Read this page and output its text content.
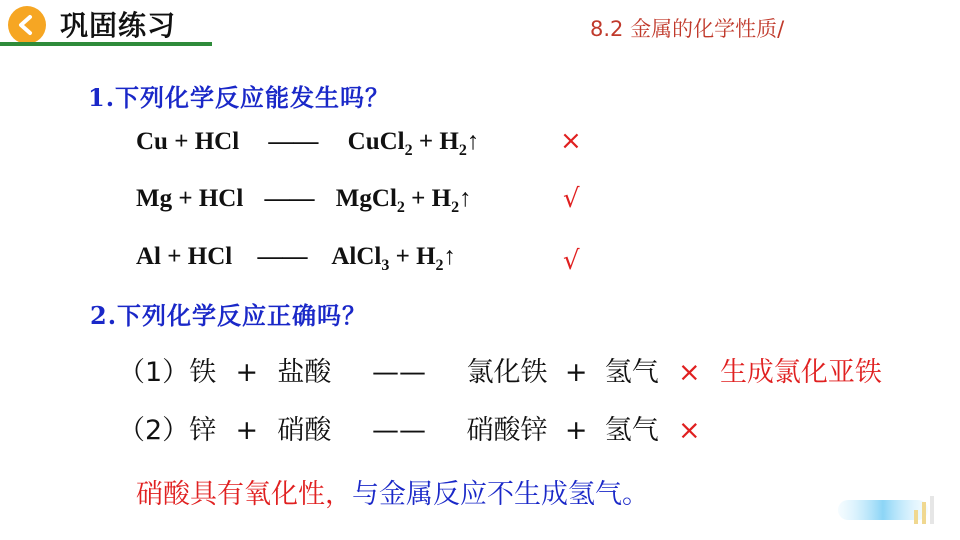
巩固练习	8.2 金属的化学性质/
1.下列化学反应能发生吗？
Cu + HCl —— CuCl$_2$ + $H_2↑$	×
Mg + HCl —— MgCl$_2$ + $H_2↑$	√
Al + HCl —— AlCl$_3$ + $H_2↑$	√
2.下列化学反应正确吗？
（1）铁 + 盐酸 —— 氯化铁 + 氢气 × 生成氯化亚铁
（2）锌 + 硝酸 —— 硝酸锌 + 氢气 ×
硝酸具有氧化性，与金属反应不生成氢气。
